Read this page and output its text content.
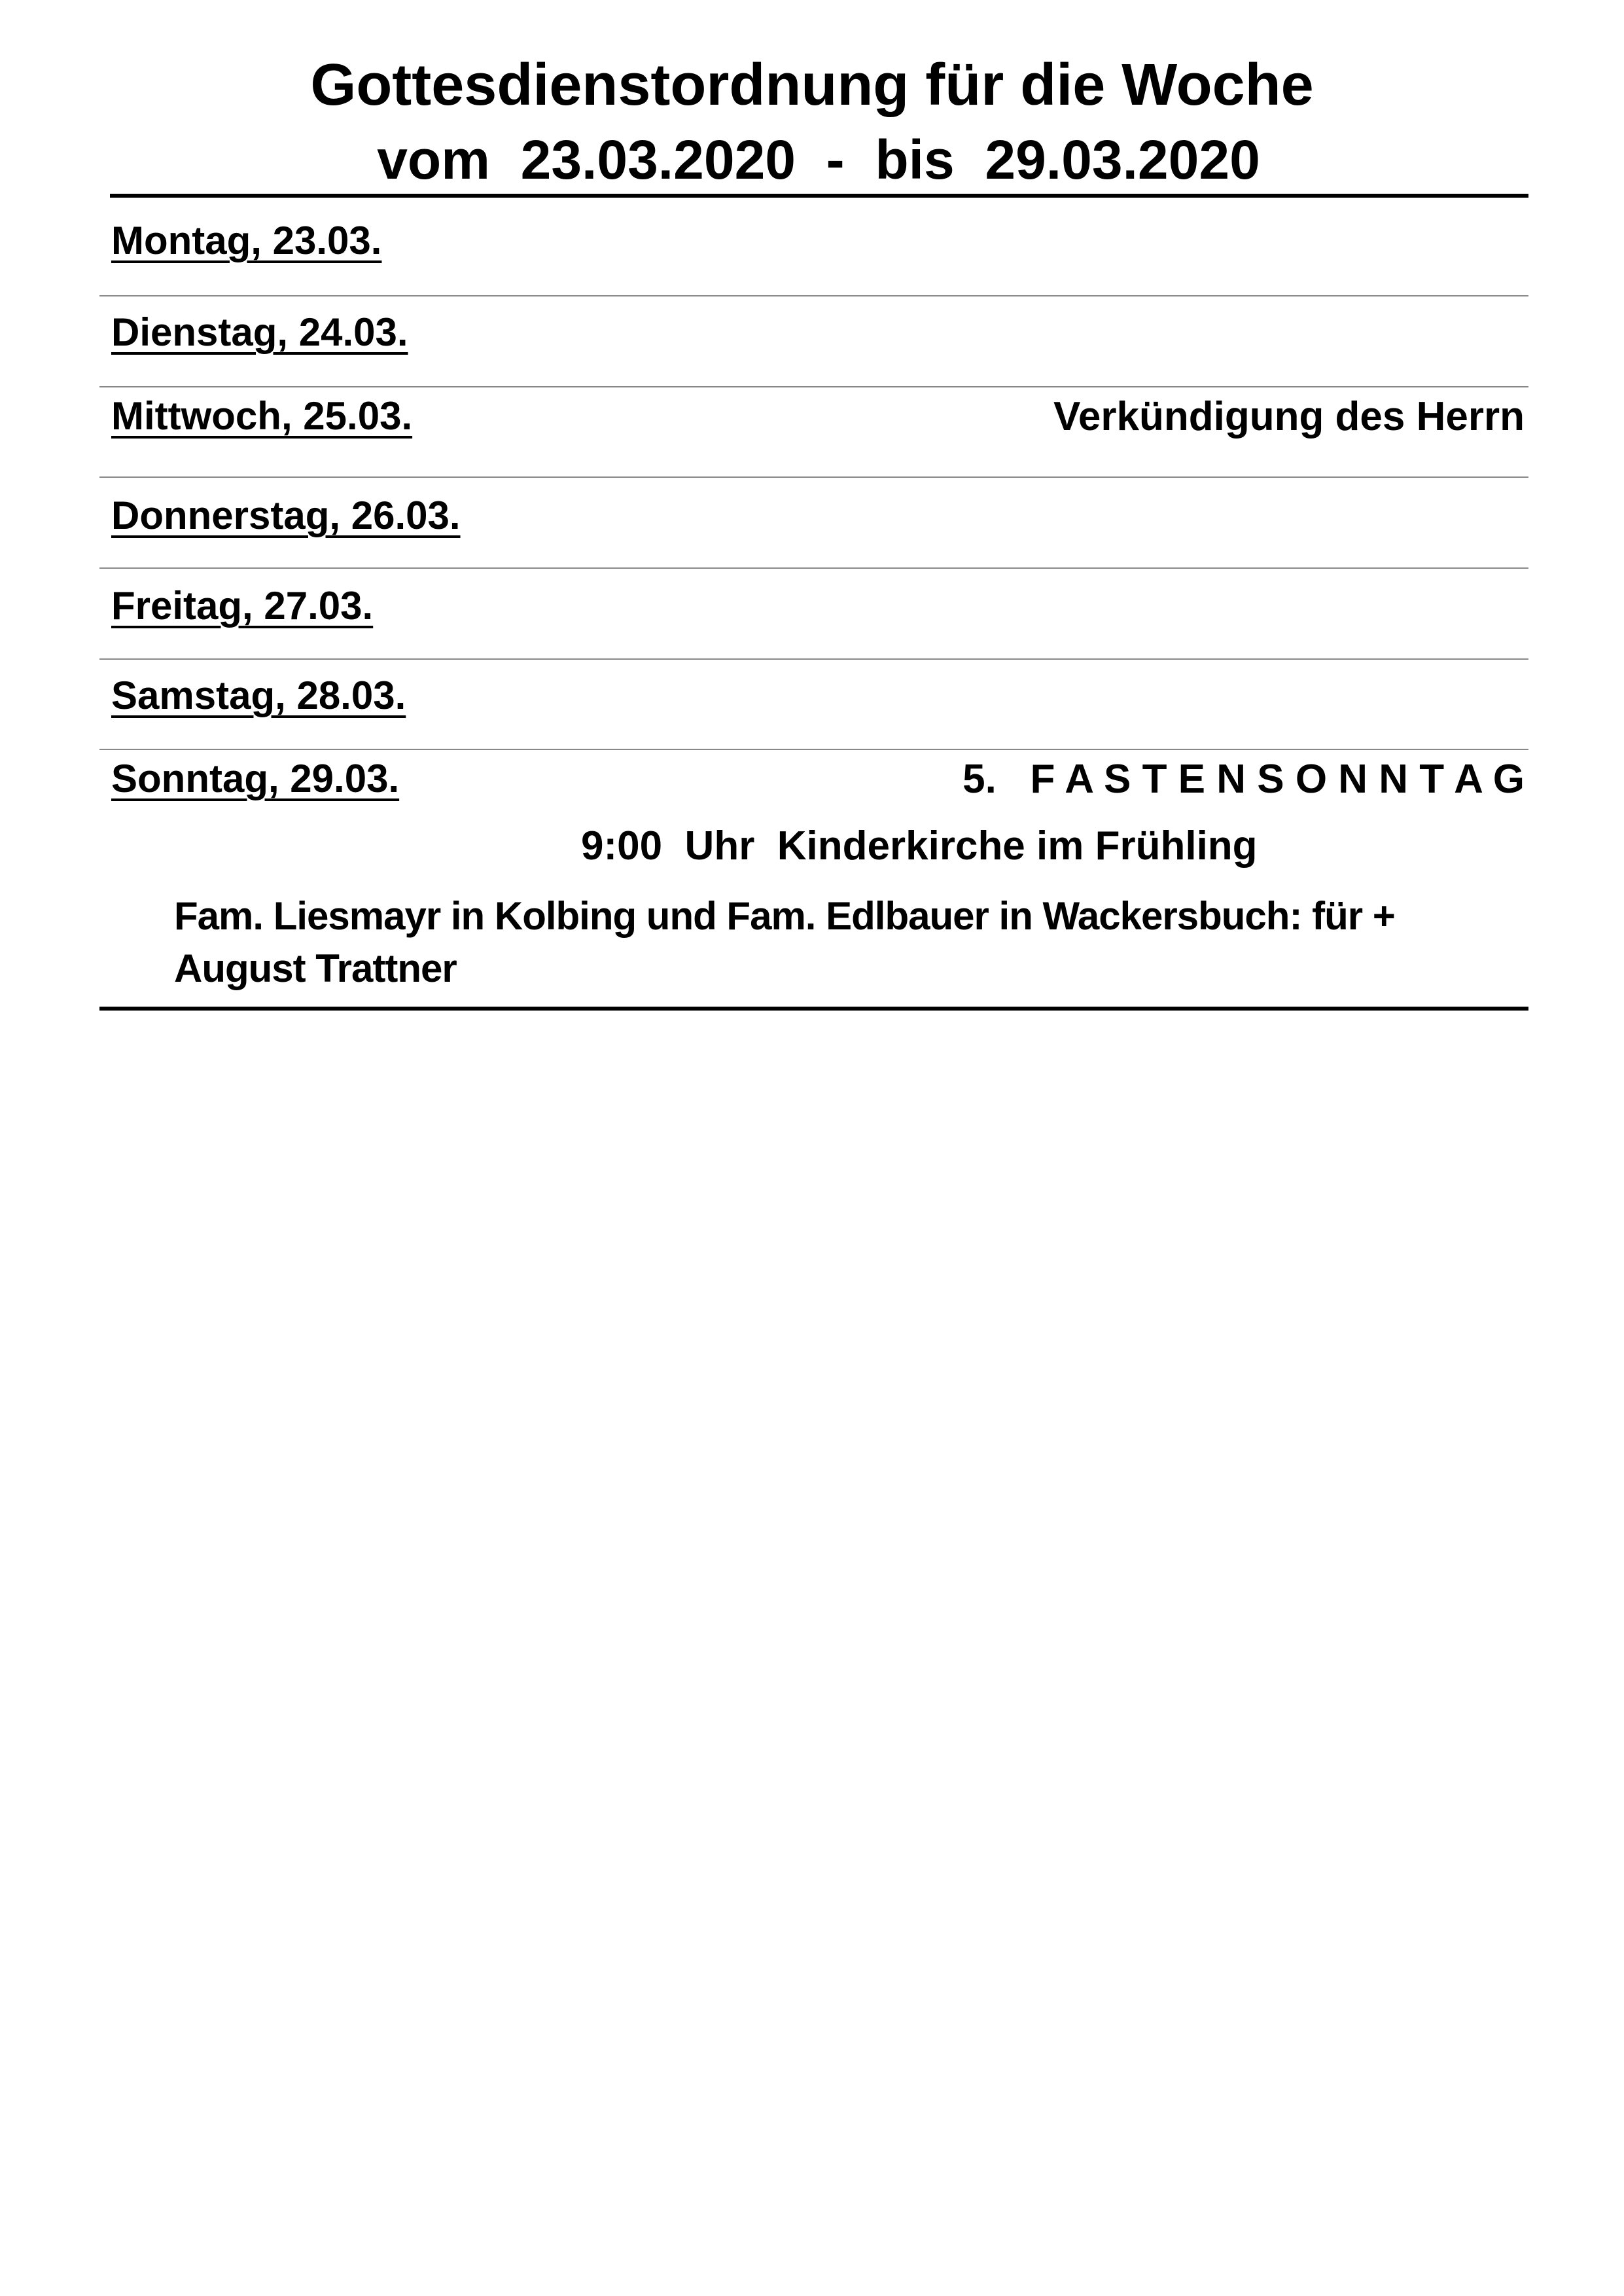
Gottesdienstordnung für die Woche
vom  23.03.2020  -  bis  29.03.2020
Montag, 23.03.
Dienstag, 24.03.
Mittwoch, 25.03.	Verkündigung des Herrn
Donnerstag, 26.03.
Freitag, 27.03.
Samstag, 28.03.
Sonntag, 29.03.	5.   F A S T E N S O N N T A G
9:00  Uhr  Kinderkirche im Frühling
Fam. Liesmayr in Kolbing und Fam. Edlbauer in Wackersbuch: für + August Trattner
